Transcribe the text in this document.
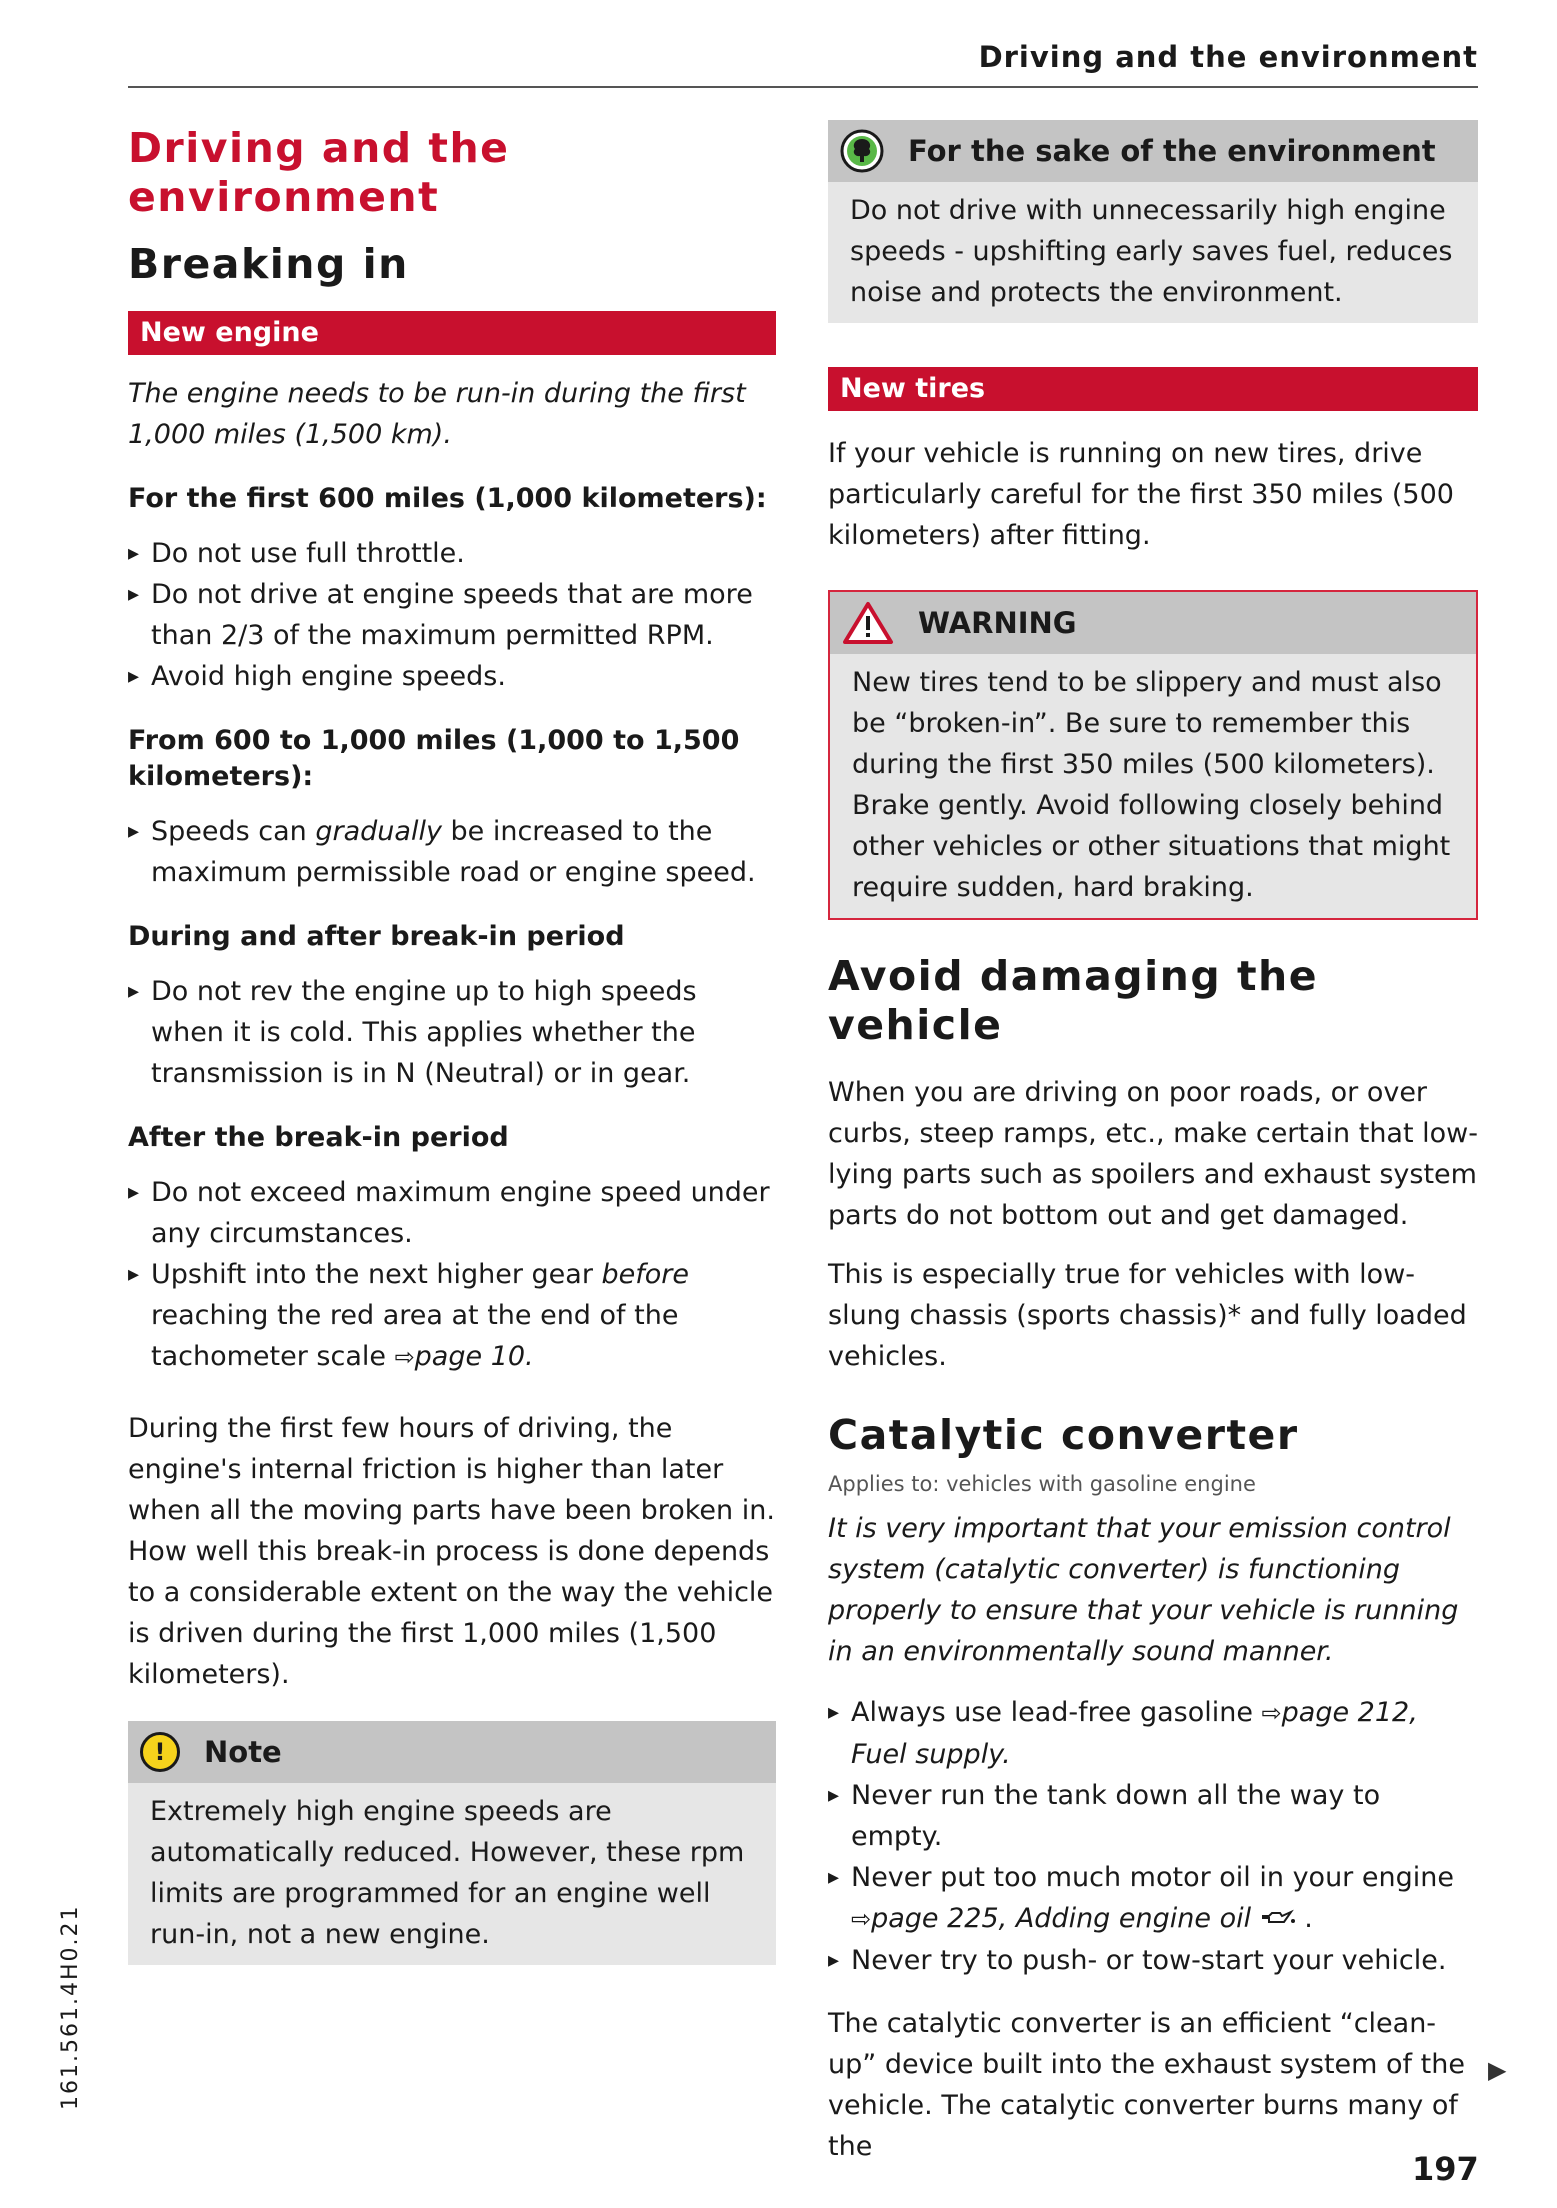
Driving and the environment
Driving and the environment
Breaking in
New engine

The engine needs to be run-in during the first 1,000 miles (1,500 km).

For the first 600 miles (1,000 kilometers):
▸ Do not use full throttle.
▸ Do not drive at engine speeds that are more than 2/3 of the maximum permitted RPM.
▸ Avoid high engine speeds.
From 600 to 1,000 miles (1,000 to 1,500 kilometers):
▸ Speeds can gradually be increased to the maximum permissible road or engine speed.
During and after break-in period
▸ Do not rev the engine up to high speeds when it is cold. This applies whether the transmission is in N (Neutral) or in gear.
After the break-in period
▸ Do not exceed maximum engine speed under any circumstances.
▸ Upshift into the next higher gear before reaching the red area at the end of the tachometer scale ⇨page 10.

During the first few hours of driving, the engine's internal friction is higher than later when all the moving parts have been broken in. How well this break-in process is done depends to a considerable extent on the way the vehicle is driven during the first 1,000 miles (1,500 kilometers).

!	Note
Extremely high engine speeds are automatically reduced. However, these rpm limits are programmed for an engine well run-in, not a new engine.
For the sake of the environment
Do not drive with unnecessarily high engine speeds - upshifting early saves fuel, reduces noise and protects the environment.
New tires

If your vehicle is running on new tires, drive particularly careful for the first 350 miles (500 kilometers) after fitting.

WARNING
New tires tend to be slippery and must also be “broken-in”. Be sure to remember this during the first 350 miles (500 kilometers). Brake gently. Avoid following closely behind other vehicles or other situations that might require sudden, hard braking.
Avoid damaging the vehicle

When you are driving on poor roads, or over curbs, steep ramps, etc., make certain that low-lying parts such as spoilers and exhaust system parts do not bottom out and get damaged.

This is especially true for vehicles with low-slung chassis (sports chassis)* and fully loaded vehicles.

Catalytic converter
Applies to: vehicles with gasoline engine

It is very important that your emission control system (catalytic converter) is functioning properly to ensure that your vehicle is running in an environmentally sound manner.

▸ Always use lead-free gasoline ⇨page 212, Fuel supply.
▸ Never run the tank down all the way to empty.
▸ Never put too much motor oil in your engine ⇨page 225, Adding engine oil .
▸ Never try to push- or tow-start your vehicle.

The catalytic converter is an efficient “clean-up” device built into the exhaust system of the vehicle. The catalytic converter burns many of the

▶
161.561.4H0.21
197
